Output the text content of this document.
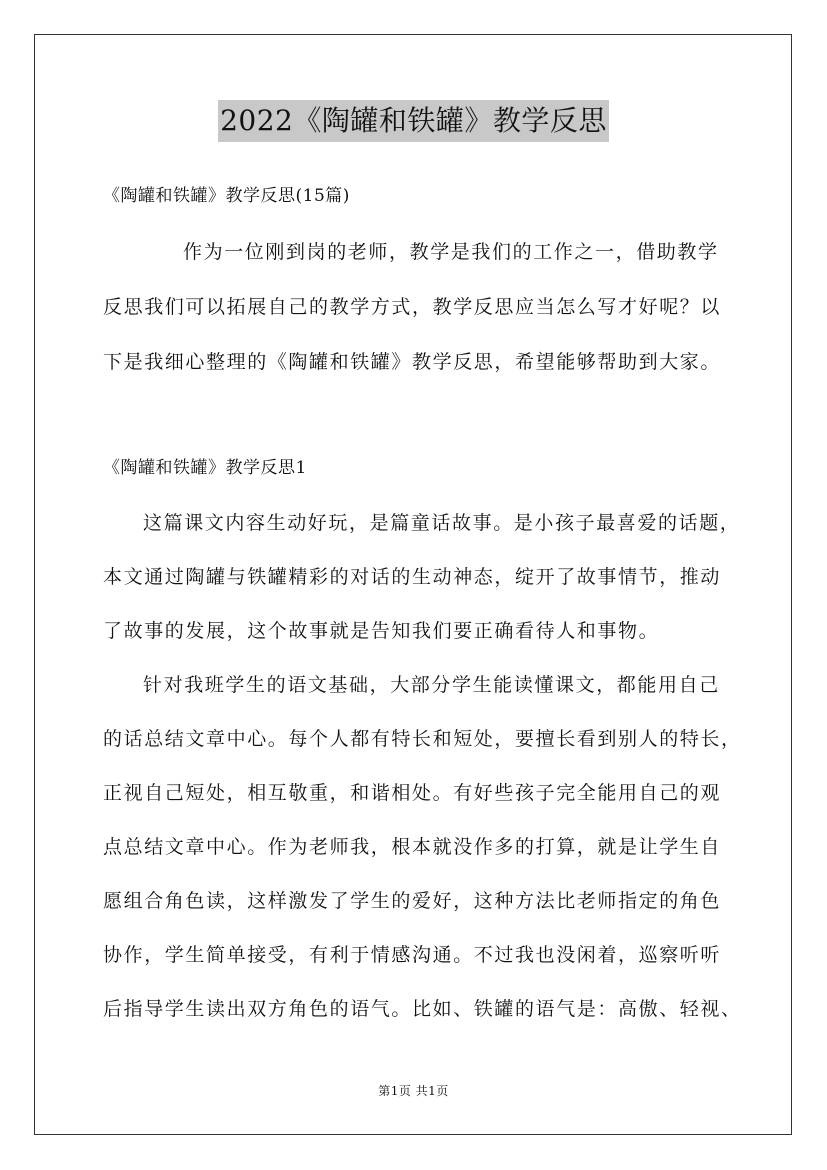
2022《陶罐和铁罐》教学反思
《陶罐和铁罐》教学反思(15篇)
作为一位刚到岗的老师，教学是我们的工作之一，借助教学
反思我们可以拓展自己的教学方式，教学反思应当怎么写才好呢？以
下是我细心整理的《陶罐和铁罐》教学反思，希望能够帮助到大家。
《陶罐和铁罐》教学反思1
这篇课文内容生动好玩，是篇童话故事。是小孩子最喜爱的话题，
本文通过陶罐与铁罐精彩的对话的生动神态，绽开了故事情节，推动
了故事的发展，这个故事就是告知我们要正确看待人和事物。
针对我班学生的语文基础，大部分学生能读懂课文，都能用自己
的话总结文章中心。每个人都有特长和短处，要擅长看到别人的特长，
正视自己短处，相互敬重，和谐相处。有好些孩子完全能用自己的观
点总结文章中心。作为老师我，根本就没作多的打算，就是让学生自
愿组合角色读，这样激发了学生的爱好，这种方法比老师指定的角色
协作，学生简单接受，有利于情感沟通。不过我也没闲着，巡察听听
后指导学生读出双方角色的语气。比如、铁罐的语气是：高傲、轻视、
第1页 共1页
